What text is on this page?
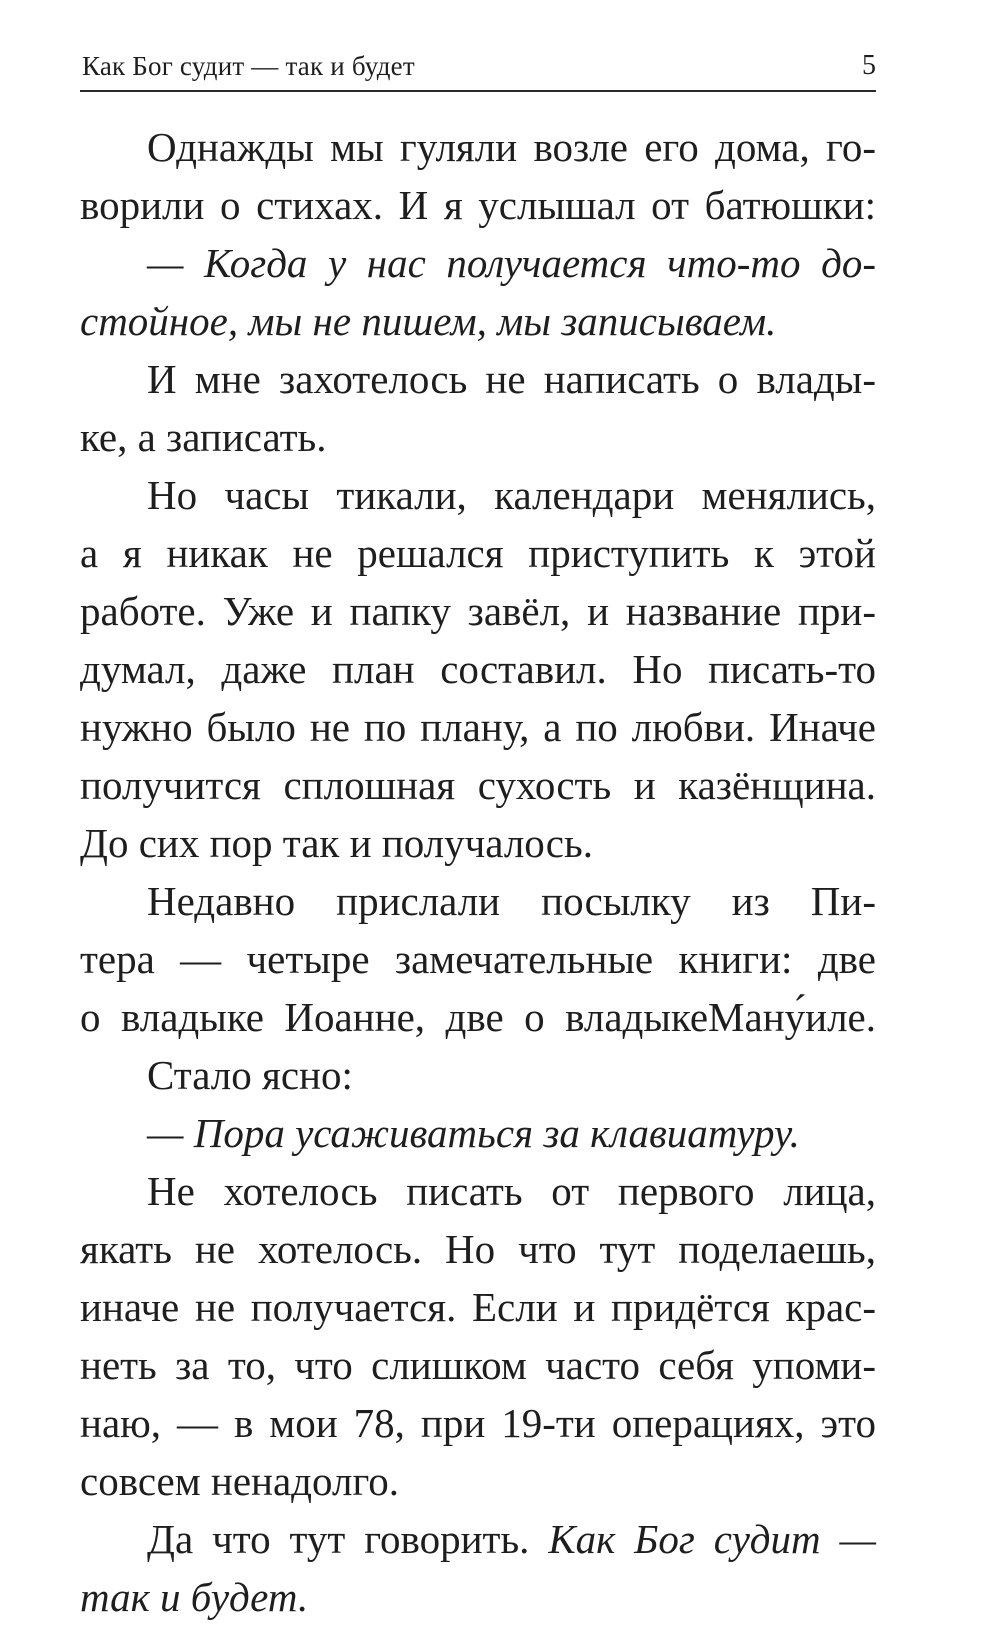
Как Бог судит — так и будет	5
Однажды мы гуляли возле его дома, го-
ворили о стихах. И я услышал от батюшки:
— Когда у нас получается что-то до-
стойное, мы не пишем, мы записываем.
И мне захотелось не написать о влады-
ке, а записать.
Но часы тикали, календари менялись,
а я никак не решался приступить к этой
работе. Уже и папку завёл, и название при-
думал, даже план составил. Но писать-то
нужно было не по плану, а по любви. Иначе
получится сплошная сухость и казёнщина.
До сих пор так и получалось.
Недавно прислали посылку из Пи-
тера — четыре замечательные книги: две
о владыке Иоанне, две о владыкеМану́иле.
Стало ясно:
— Пора усаживаться за клавиатуру.
Не хотелось писать от первого лица,
якать не хотелось. Но что тут поделаешь,
иначе не получается. Если и придётся крас-
неть за то, что слишком часто себя упоми-
наю, — в мои 78, при 19-ти операциях, это
совсем ненадолго.
Да что тут говорить. Как Бог судит —
так и будет.
